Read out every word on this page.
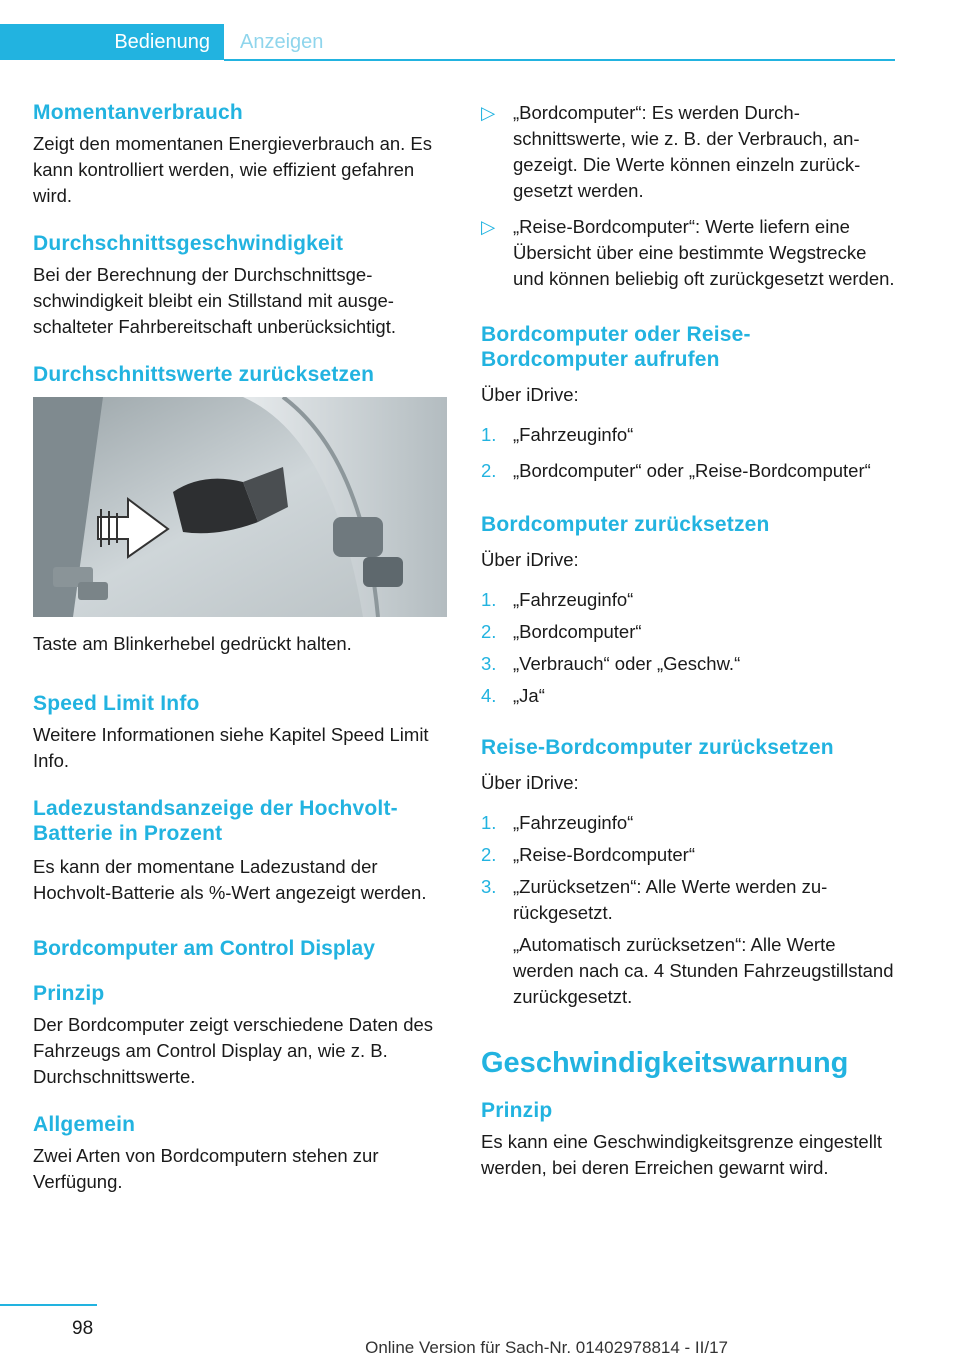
Bedienung	Anzeigen
Momentanverbrauch

Zeigt den momentanen Energieverbrauch an. Es kann kontrolliert werden, wie effizient gefahren wird.

Durchschnittsgeschwindigkeit

Bei der Berechnung der Durchschnittsgeschwindigkeit bleibt ein Stillstand mit ausgeschalteter Fahrbereitschaft unberücksichtigt.

Durchschnittswerte zurücksetzen

Taste am Blinkerhebel gedrückt halten.

Speed Limit Info

Weitere Informationen siehe Kapitel Speed Limit Info.

Ladezustandsanzeige der Hochvolt-Batterie in Prozent

Es kann der momentane Ladezustand der Hochvolt-Batterie als %-Wert angezeigt werden.

Bordcomputer am Control Display
Prinzip

Der Bordcomputer zeigt verschiedene Daten des Fahrzeugs am Control Display an, wie z. B. Durchschnittswerte.

Allgemein

Zwei Arten von Bordcomputern stehen zur Verfügung.

▷ „Bordcomputer“: Es werden Durchschnittswerte, wie z. B. der Verbrauch, angezeigt. Die Werte können einzeln zurückgesetzt werden.
▷ „Reise-Bordcomputer“: Werte liefern eine Übersicht über eine bestimmte Wegstrecke und können beliebig oft zurückgesetzt werden.
Bordcomputer oder Reise-Bordcomputer aufrufen

Über iDrive:

1. „Fahrzeuginfo“
2. „Bordcomputer“ oder „Reise-Bordcomputer“
Bordcomputer zurücksetzen

Über iDrive:

1. „Fahrzeuginfo“
2. „Bordcomputer“
3. „Verbrauch“ oder „Geschw.“
4. „Ja“
Reise-Bordcomputer zurücksetzen

Über iDrive:

1. „Fahrzeuginfo“
2. „Reise-Bordcomputer“
3. „Zurücksetzen“: Alle Werte werden zurückgesetzt.

„Automatisch zurücksetzen“: Alle Werte werden nach ca. 4 Stunden Fahrzeugstillstand zurückgesetzt.

Geschwindigkeitswarnung
Prinzip

Es kann eine Geschwindigkeitsgrenze eingestellt werden, bei deren Erreichen gewarnt wird.

98
Online Version für Sach-Nr. 01402978814 - II/17
